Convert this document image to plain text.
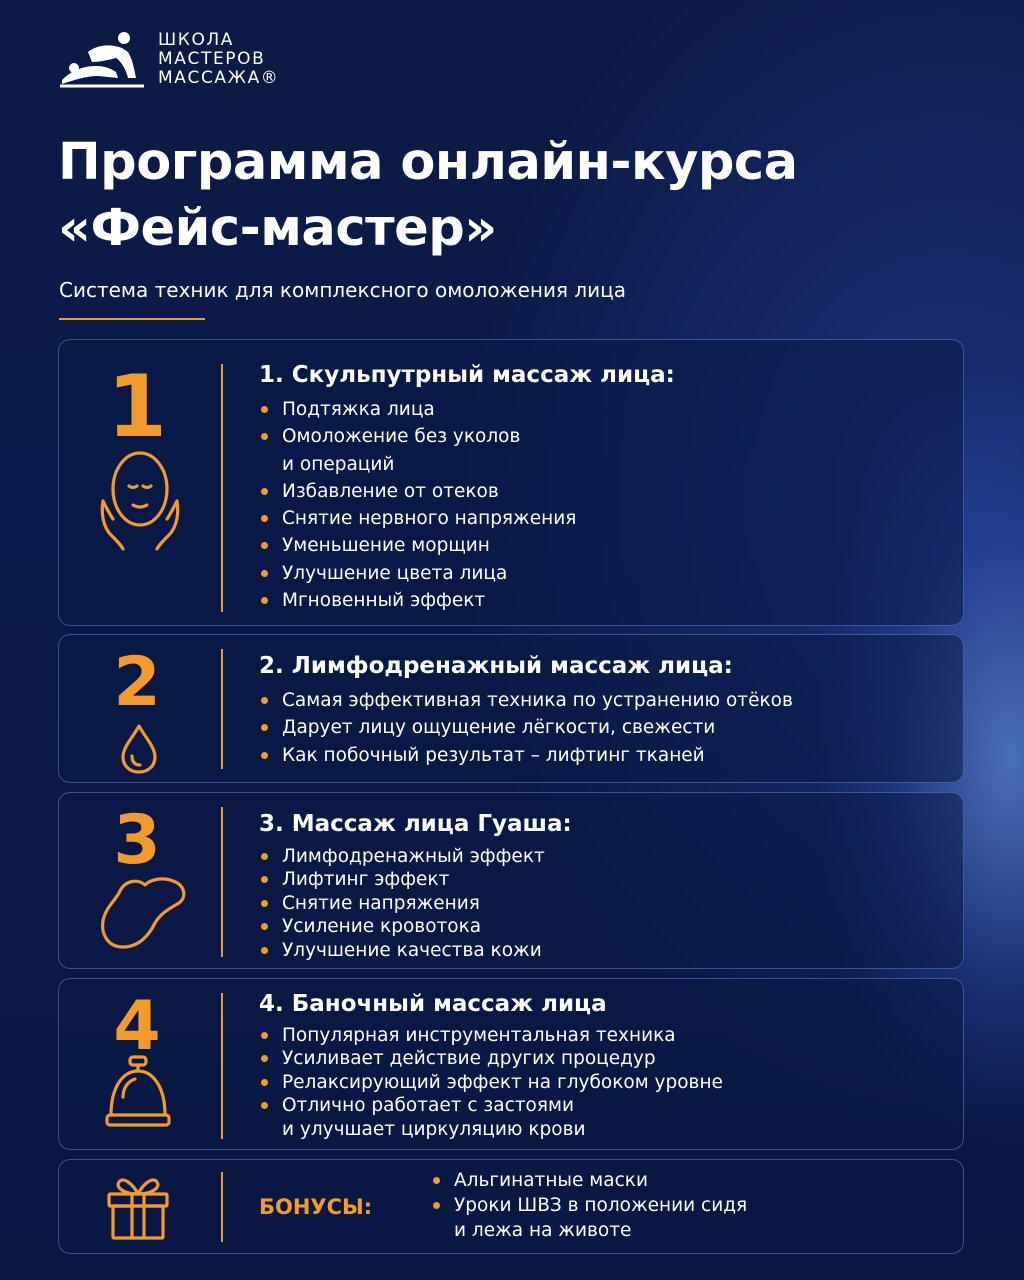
ШКОЛА
МАСТЕРОВ
МАССАЖА®
Программа онлайн-курса
«Фейс-мастер»
Система техник для комплексного омоложения лица
1	1. Скульпутрный массаж лица:
Подтяжка лица
Омоложение без уколов
и операций
Избавление от отеков
Снятие нервного напряжения
Уменьшение морщин
Улучшение цвета лица
Мгновенный эффект
2	2. Лимфодренажный массаж лица:
Самая эффективная техника по устранению отёков
Дарует лицу ощущение лёгкости, свежести
Как побочный результат – лифтинг тканей
3	3. Массаж лица Гуаша:
Лимфодренажный эффект
Лифтинг эффект
Снятие напряжения
Усиление кровотока
Улучшение качества кожи
4	4. Баночный массаж лица
Популярная инструментальная техника
Усиливает действие других процедур
Релаксирующий эффект на глубоком уровне
Отлично работает с застоями
и улучшает циркуляцию крови
БОНУСЫ:
Альгинатные маски
Уроки ШВЗ в положении сидя
и лежа на животе
